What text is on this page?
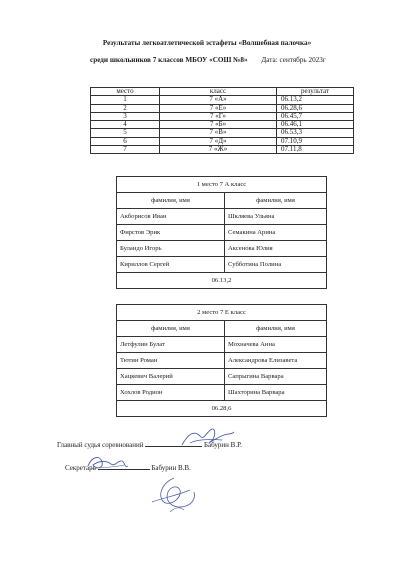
Результаты легкоатлетической эстафеты «Волшебная палочка»
среди школьников 7 классов МБОУ «СОШ №8» Дата: сентябрь 2023г
место	класс	результат
1	7 «А»	06.13,2
2	7 «Е»	06.28,6
3	7 «Г»	06.45,7
4	7 «Б»	06.46,1
5	7 «В»	06.53,3
6	7 «Д»	07.10,9
7	7 «Ж»	07.11,8
1 место 7 А класс	
фамилия, имя	фамилия, имя
Акборисов Иван	Шкляева Ульяна
Фирстов Эрик	Семакина Арина
Буландо Игорь	Аксенова Юлия
Кириллов Сергей	Субботина Полина
06.13,2	
2 место 7 Е класс	
фамилия, имя	фамилия, имя
Летфулин Булат	Мохначева Анна
Тютин Роман	Александрова Елизавета
Хацкевич Валерий	Сапрыгина Варвара
Хохлов Родион	Шахторина Варвара
06.28,6	
Главный судья соревнований	Бабурин В.Р.
Секретарь	Бабурин В.В.
